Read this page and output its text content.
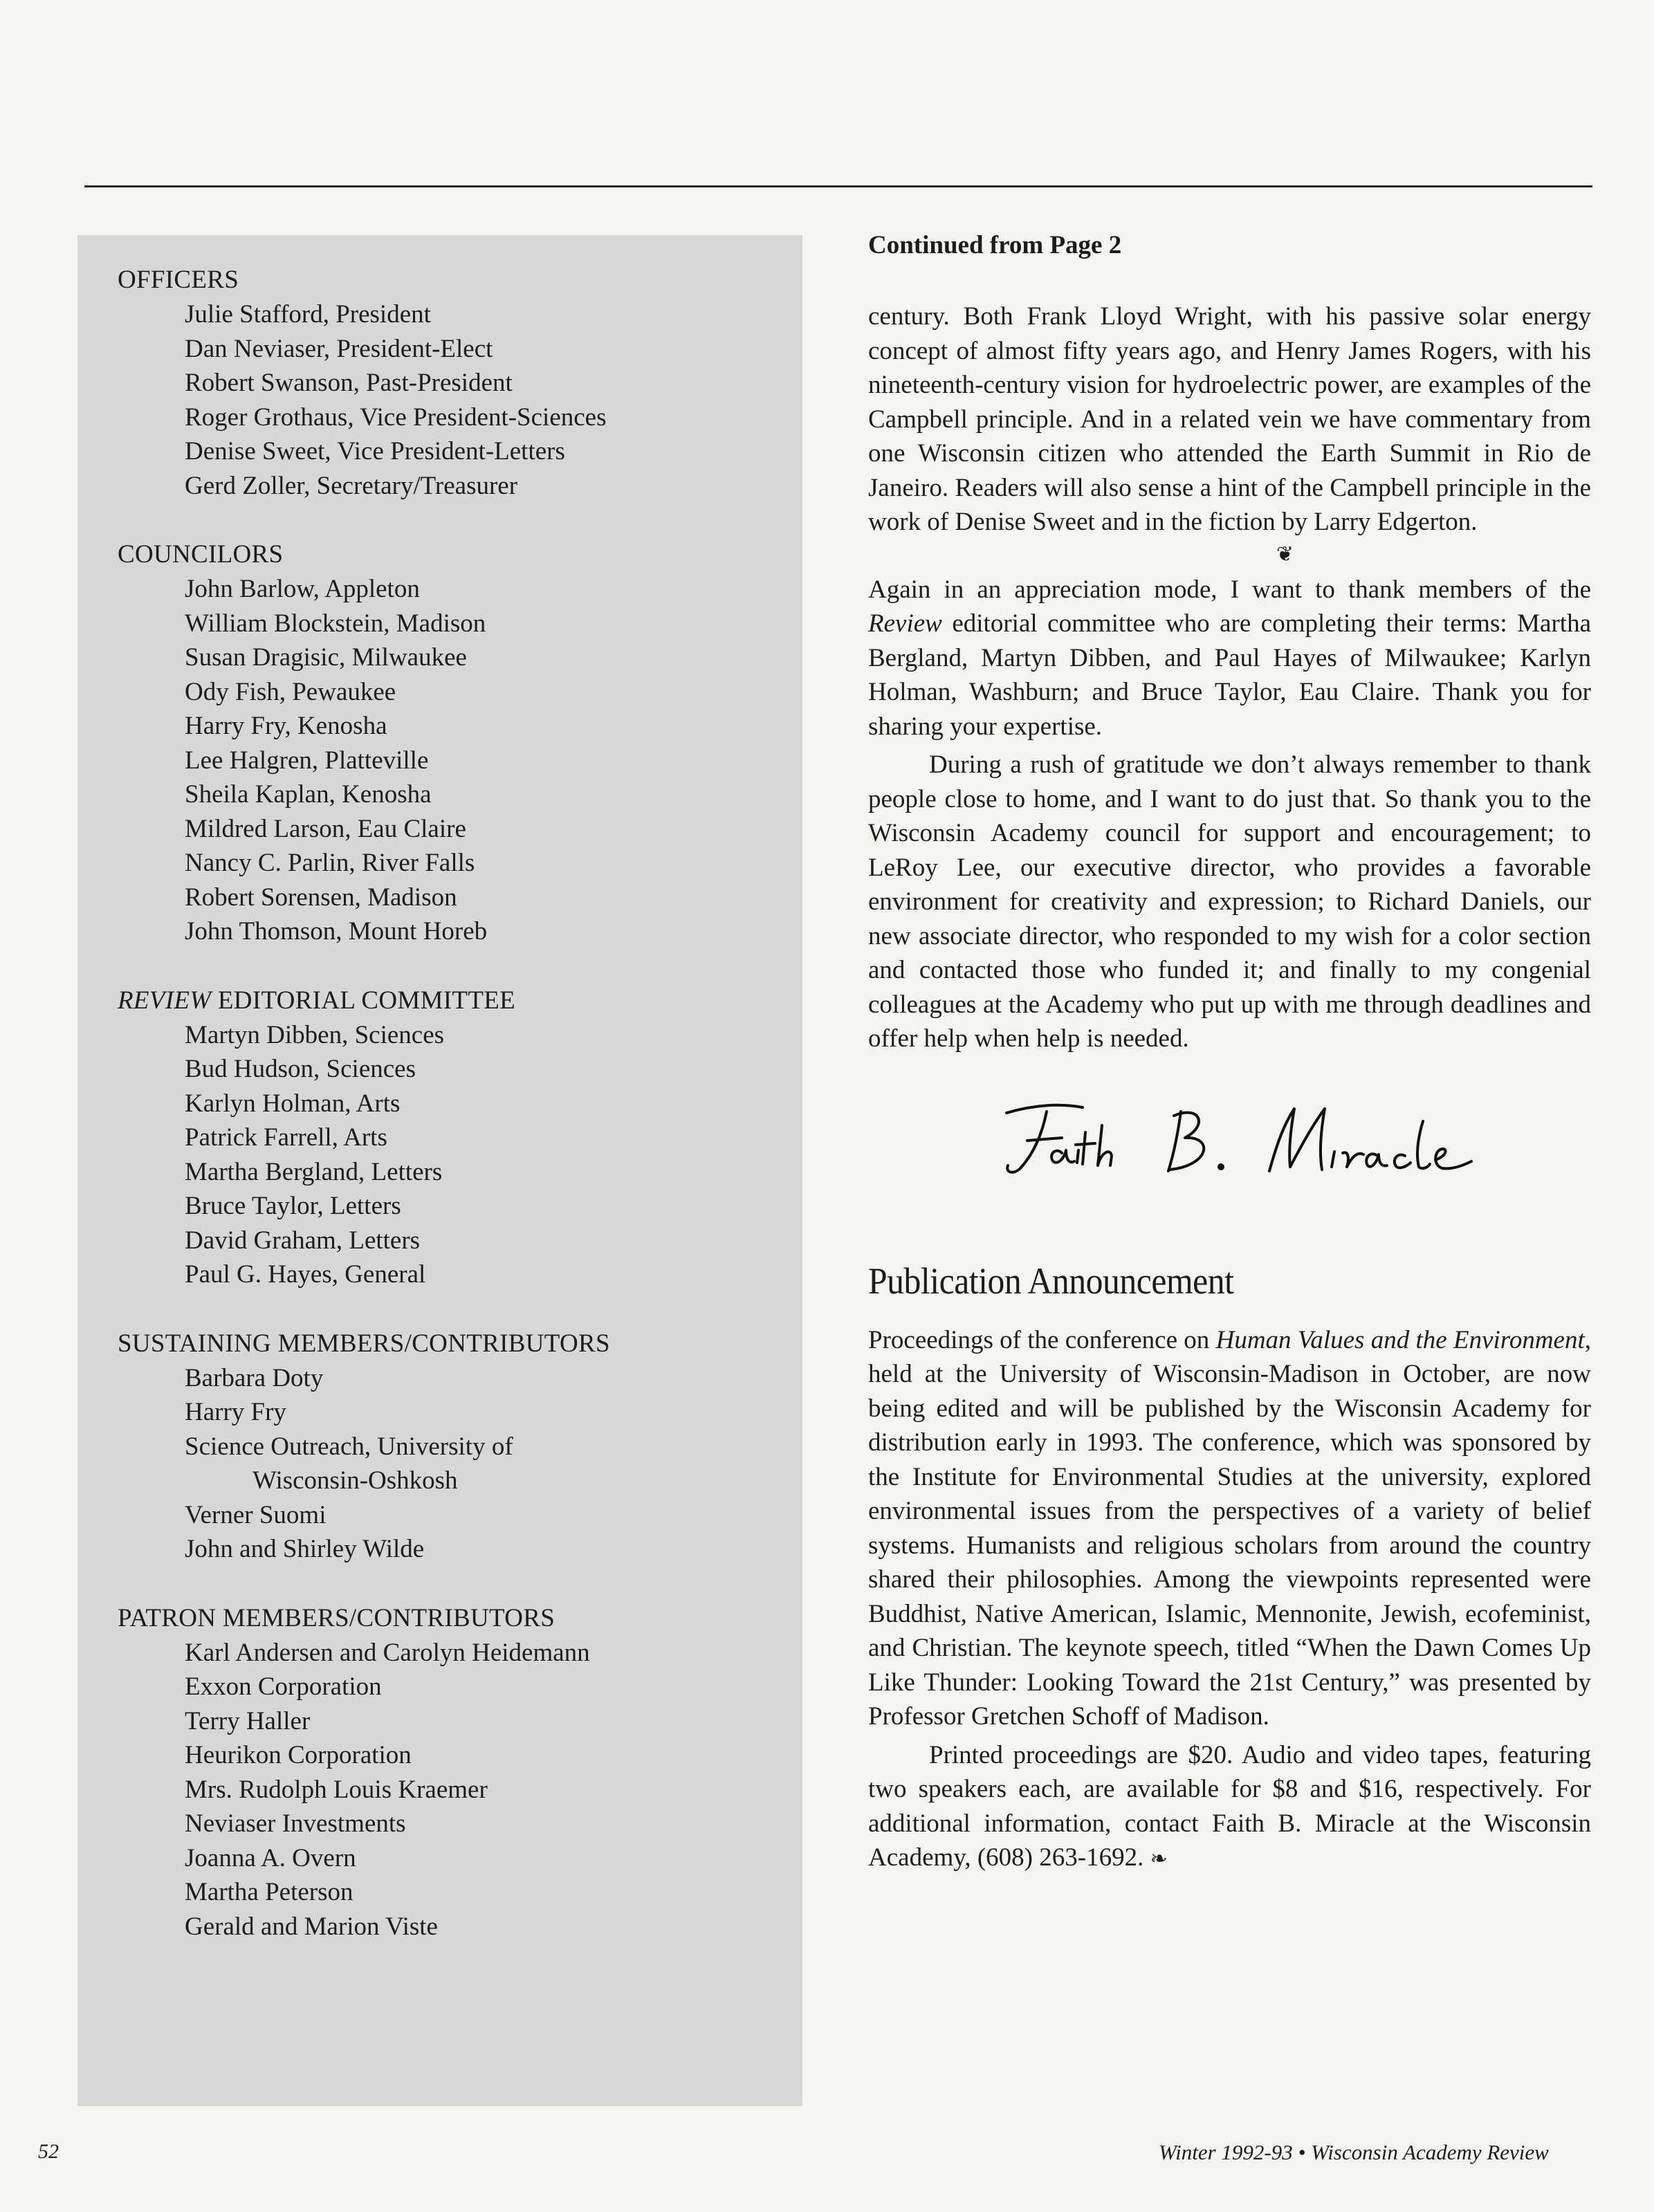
OFFICERS
Julie Stafford, President
Dan Neviaser, President-Elect
Robert Swanson, Past-President
Roger Grothaus, Vice President-Sciences
Denise Sweet, Vice President-Letters
Gerd Zoller, Secretary/Treasurer
COUNCILORS
John Barlow, Appleton
William Blockstein, Madison
Susan Dragisic, Milwaukee
Ody Fish, Pewaukee
Harry Fry, Kenosha
Lee Halgren, Platteville
Sheila Kaplan, Kenosha
Mildred Larson, Eau Claire
Nancy C. Parlin, River Falls
Robert Sorensen, Madison
John Thomson, Mount Horeb
REVIEW EDITORIAL COMMITTEE
Martyn Dibben, Sciences
Bud Hudson, Sciences
Karlyn Holman, Arts
Patrick Farrell, Arts
Martha Bergland, Letters
Bruce Taylor, Letters
David Graham, Letters
Paul G. Hayes, General
SUSTAINING MEMBERS/CONTRIBUTORS
Barbara Doty
Harry Fry
Science Outreach, University of
Wisconsin-Oshkosh
Verner Suomi
John and Shirley Wilde
PATRON MEMBERS/CONTRIBUTORS
Karl Andersen and Carolyn Heidemann
Exxon Corporation
Terry Haller
Heurikon Corporation
Mrs. Rudolph Louis Kraemer
Neviaser Investments
Joanna A. Overn
Martha Peterson
Gerald and Marion Viste
Continued from Page 2

century. Both Frank Lloyd Wright, with his passive solar energy concept of almost fifty years ago, and Henry James Rogers, with his nineteenth-century vision for hydroelectric power, are examples of the Campbell principle. And in a related vein we have commentary from one Wisconsin citizen who attended the Earth Summit in Rio de Janeiro. Readers will also sense a hint of the Campbell principle in the work of Denise Sweet and in the fiction by Larry Edgerton.

❦

Again in an appreciation mode, I want to thank members of the Review editorial committee who are completing their terms: Martha Bergland, Martyn Dibben, and Paul Hayes of Milwaukee; Karlyn Holman, Washburn; and Bruce Taylor, Eau Claire. Thank you for sharing your expertise.

During a rush of gratitude we don’t always remember to thank people close to home, and I want to do just that. So thank you to the Wisconsin Academy council for support and encouragement; to LeRoy Lee, our executive director, who provides a favorable environment for creativity and expression; to Richard Daniels, our new associate director, who responded to my wish for a color section and contacted those who funded it; and finally to my congenial colleagues at the Academy who put up with me through deadlines and offer help when help is needed.

Publication Announcement

Proceedings of the conference on Human Values and the Environment, held at the University of Wisconsin-Madison in October, are now being edited and will be published by the Wisconsin Academy for distribution early in 1993. The conference, which was sponsored by the Institute for Environmental Studies at the university, explored environmental issues from the perspectives of a variety of belief systems. Humanists and religious scholars from around the country shared their philosophies. Among the viewpoints represented were Buddhist, Native American, Islamic, Mennonite, Jewish, ecofeminist, and Christian. The keynote speech, titled “When the Dawn Comes Up Like Thunder: Looking Toward the 21st Century,” was presented by Professor Gretchen Schoff of Madison.

Printed proceedings are $20. Audio and video tapes, featuring two speakers each, are available for $8 and $16, respectively. For additional information, contact Faith B. Miracle at the Wisconsin Academy, (608) 263-1692. ❧

52	Winter 1992-93 • Wisconsin Academy Review
